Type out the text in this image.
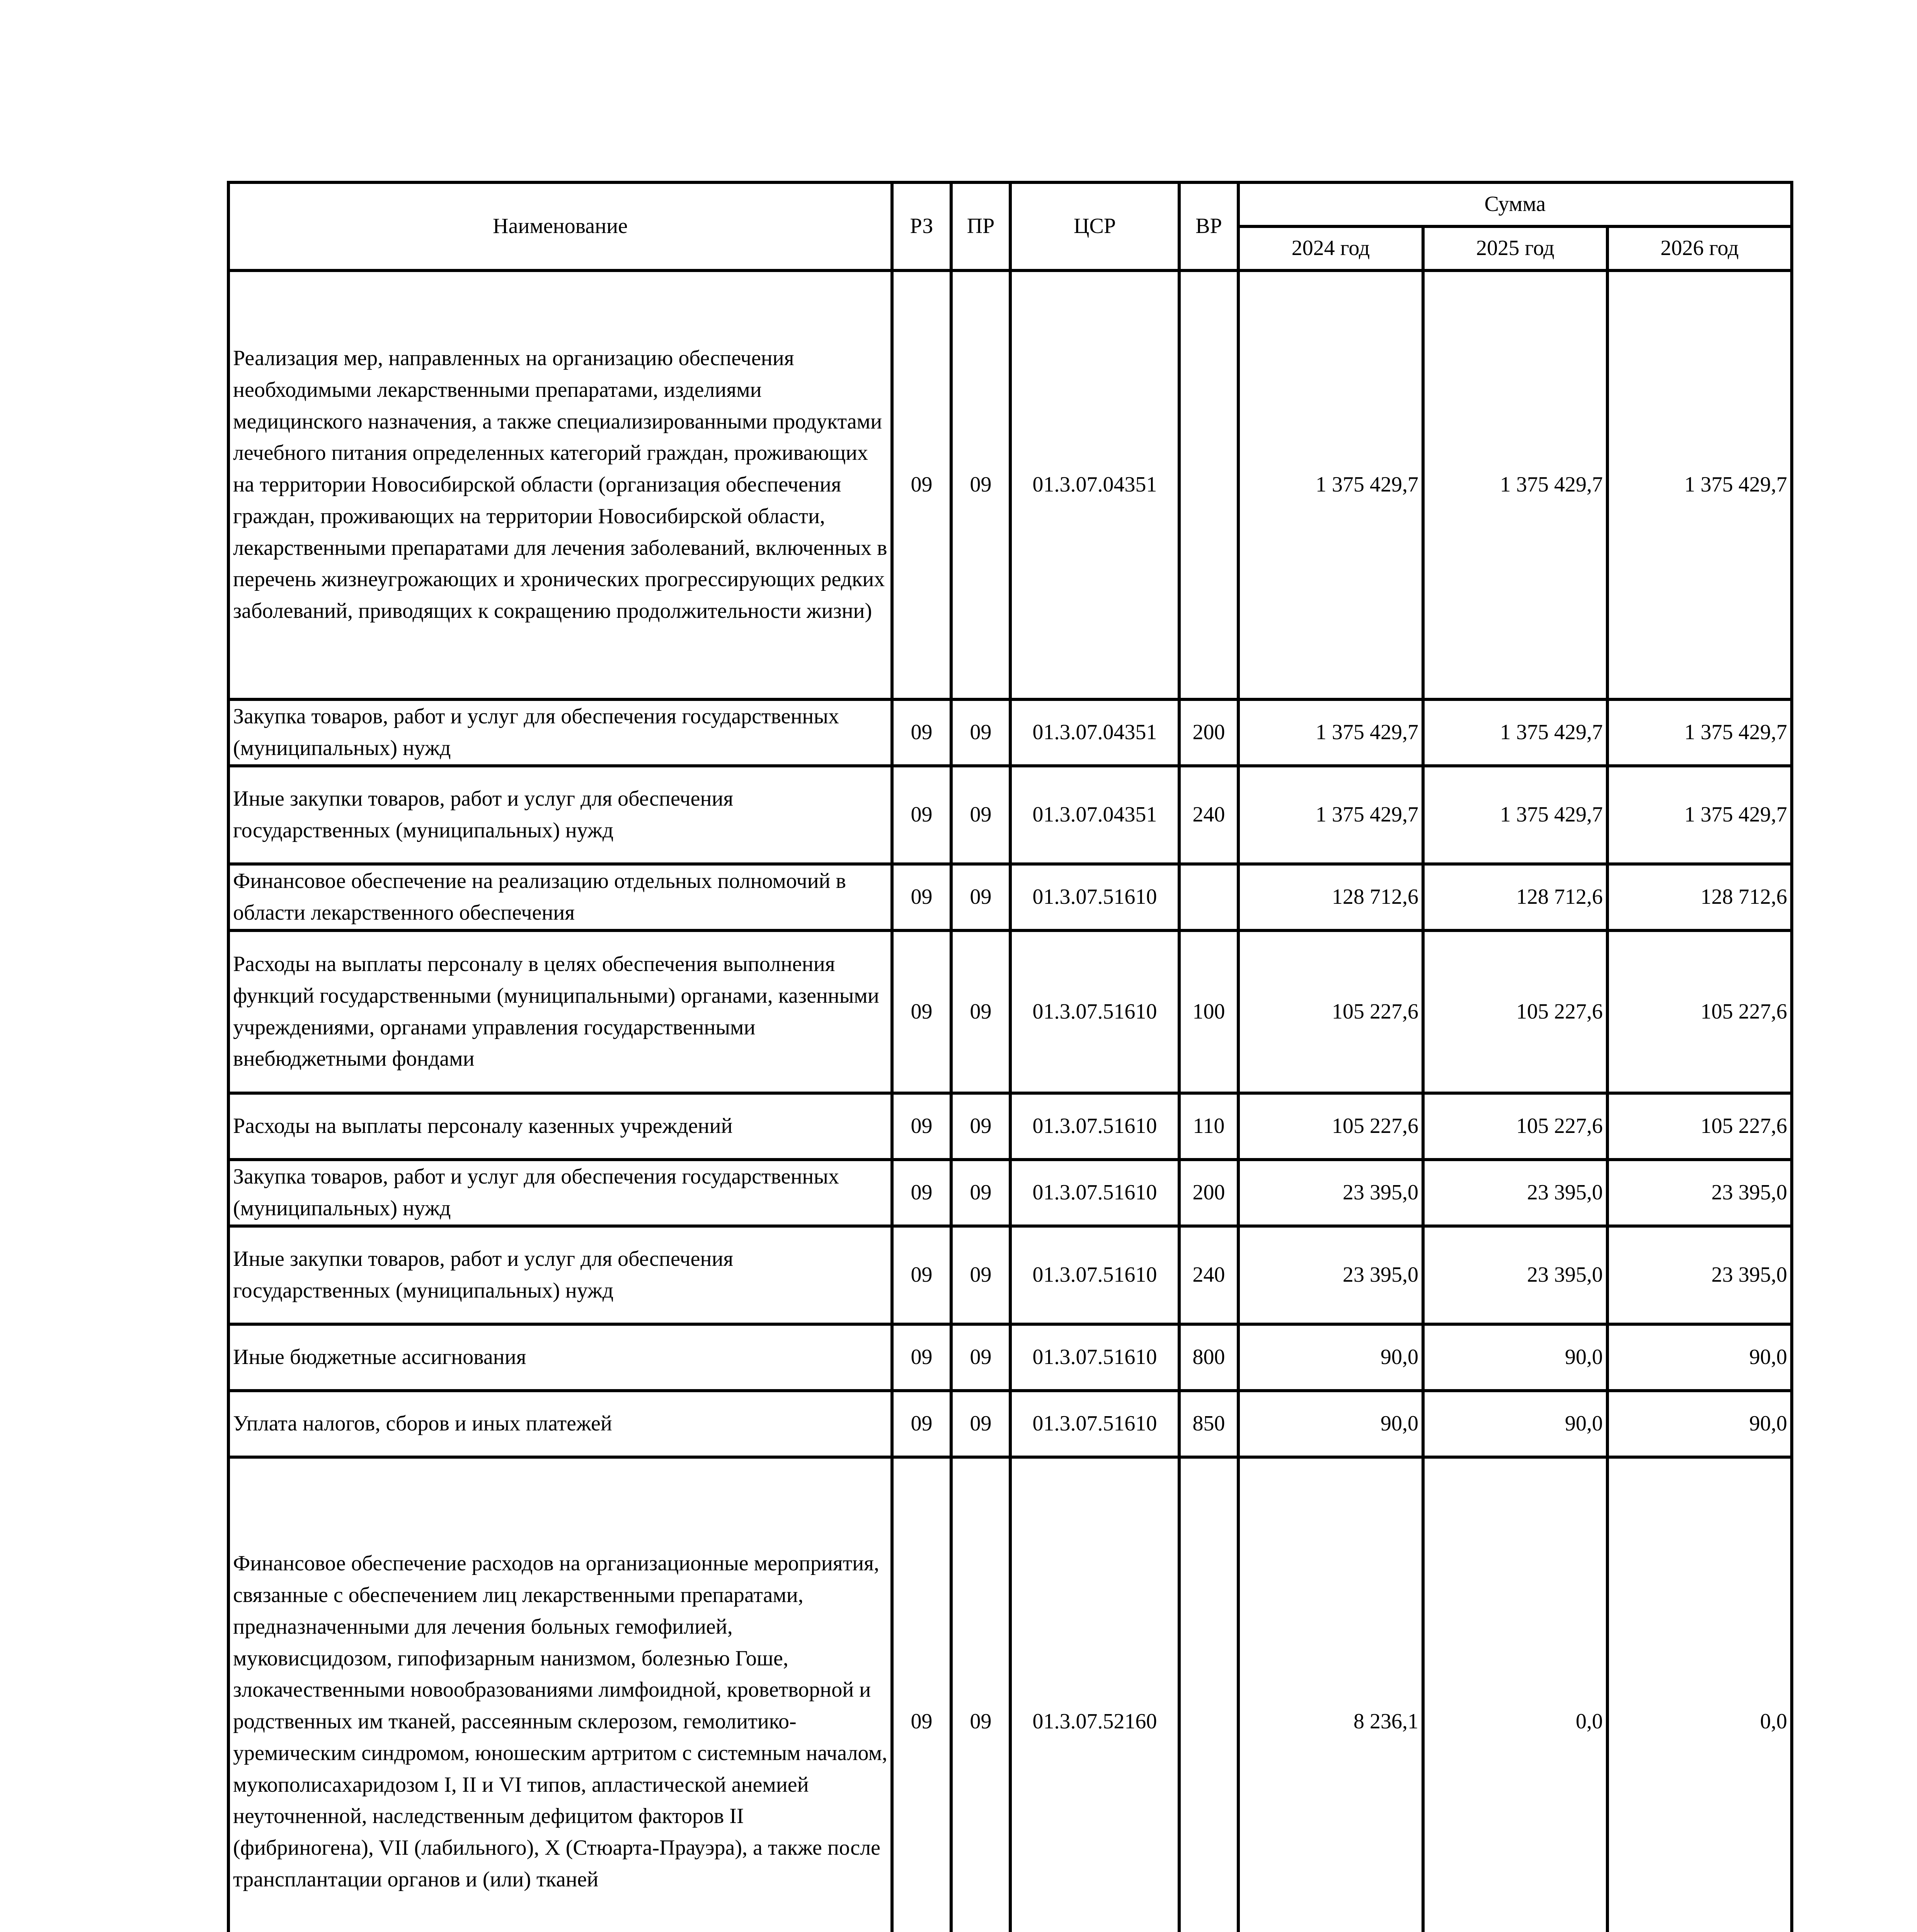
Наименование	РЗ	ПР	ЦСР	ВР	Сумма		
					2024 год	2025 год	2026 год
Реализация мер, направленных на организацию обеспечения необходимыми лекарственными препаратами, изделиями медицинского назначения, а также специализированными продуктами лечебного питания определенных категорий граждан, проживающих на территории Новосибирской области (организация обеспечения граждан, проживающих на территории Новосибирской области, лекарственными препаратами для лечения заболеваний, включенных в перечень жизнеугрожающих и хронических прогрессирующих редких заболеваний, приводящих к сокращению продолжительности жизни)	09	09	01.3.07.04351		1 375 429,7	1 375 429,7	1 375 429,7
Закупка товаров, работ и услуг для обеспечения государственных (муниципальных) нужд	09	09	01.3.07.04351	200	1 375 429,7	1 375 429,7	1 375 429,7
Иные закупки товаров, работ и услуг для обеспечения государственных (муниципальных) нужд	09	09	01.3.07.04351	240	1 375 429,7	1 375 429,7	1 375 429,7
Финансовое обеспечение на реализацию отдельных полномочий в области лекарственного обеспечения	09	09	01.3.07.51610		128 712,6	128 712,6	128 712,6
Расходы на выплаты персоналу в целях обеспечения выполнения функций государственными (муниципальными) органами, казенными учреждениями, органами управления государственными внебюджетными фондами	09	09	01.3.07.51610	100	105 227,6	105 227,6	105 227,6
Расходы на выплаты персоналу казенных учреждений	09	09	01.3.07.51610	110	105 227,6	105 227,6	105 227,6
Закупка товаров, работ и услуг для обеспечения государственных (муниципальных) нужд	09	09	01.3.07.51610	200	23 395,0	23 395,0	23 395,0
Иные закупки товаров, работ и услуг для обеспечения государственных (муниципальных) нужд	09	09	01.3.07.51610	240	23 395,0	23 395,0	23 395,0
Иные бюджетные ассигнования	09	09	01.3.07.51610	800	90,0	90,0	90,0
Уплата налогов, сборов и иных платежей	09	09	01.3.07.51610	850	90,0	90,0	90,0
Финансовое обеспечение расходов на организационные мероприятия, связанные с обеспечением лиц лекарственными препаратами, предназначенными для лечения больных гемофилией, муковисцидозом, гипофизарным нанизмом, болезнью Гоше, злокачественными новообразованиями лимфоидной, кроветворной и родственных им тканей, рассеянным склерозом, гемолитико-уремическим синдромом, юношеским артритом с системным началом, мукополисахаридозом I, II и VI типов, апластической анемией неуточненной, наследственным дефицитом факторов II (фибриногена), VII (лабильного), X (Стюарта-Прауэра), а также после трансплантации органов и (или) тканей	09	09	01.3.07.52160		8 236,1	0,0	0,0
